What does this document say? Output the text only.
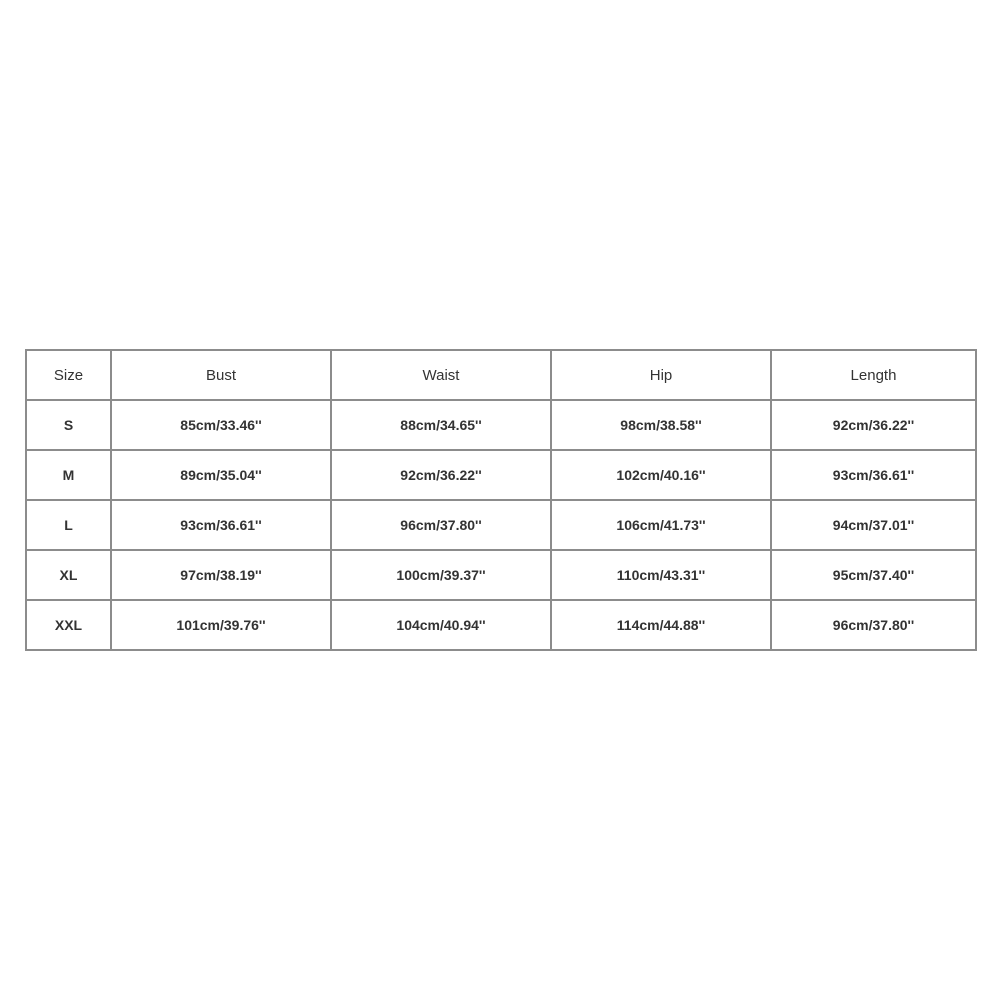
Size	Bust	Waist	Hip	Length
S	85cm/33.46''	88cm/34.65''	98cm/38.58''	92cm/36.22''
M	89cm/35.04''	92cm/36.22''	102cm/40.16''	93cm/36.61''
L	93cm/36.61''	96cm/37.80''	106cm/41.73''	94cm/37.01''
XL	97cm/38.19''	100cm/39.37''	110cm/43.31''	95cm/37.40''
XXL	101cm/39.76''	104cm/40.94''	114cm/44.88''	96cm/37.80''
